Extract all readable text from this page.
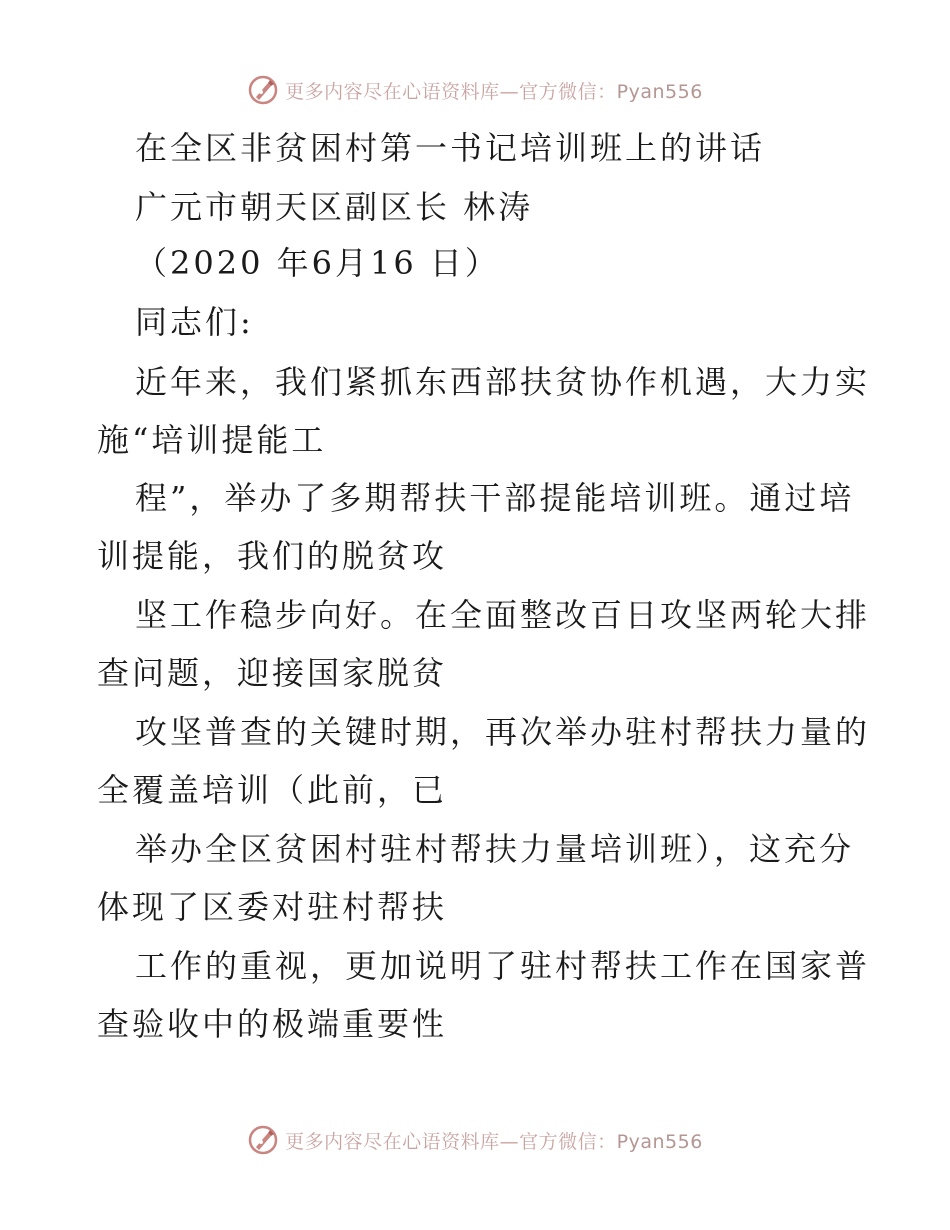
更多内容尽在心语资料库—官方微信：Pyan556
在全区非贫困村第一书记培训班上的讲话
广元市朝天区副区长 林涛
（2020 年6月16 日）
同志们:
近年来，我们紧抓东西部扶贫协作机遇，大力实
施“培训提能工
程”，举办了多期帮扶干部提能培训班。通过培
训提能，我们的脱贫攻
坚工作稳步向好。在全面整改百日攻坚两轮大排
查问题，迎接国家脱贫
攻坚普查的关键时期，再次举办驻村帮扶力量的
全覆盖培训（此前，已
举办全区贫困村驻村帮扶力量培训班），这充分
体现了区委对驻村帮扶
工作的重视，更加说明了驻村帮扶工作在国家普
查验收中的极端重要性
更多内容尽在心语资料库—官方微信：Pyan556
